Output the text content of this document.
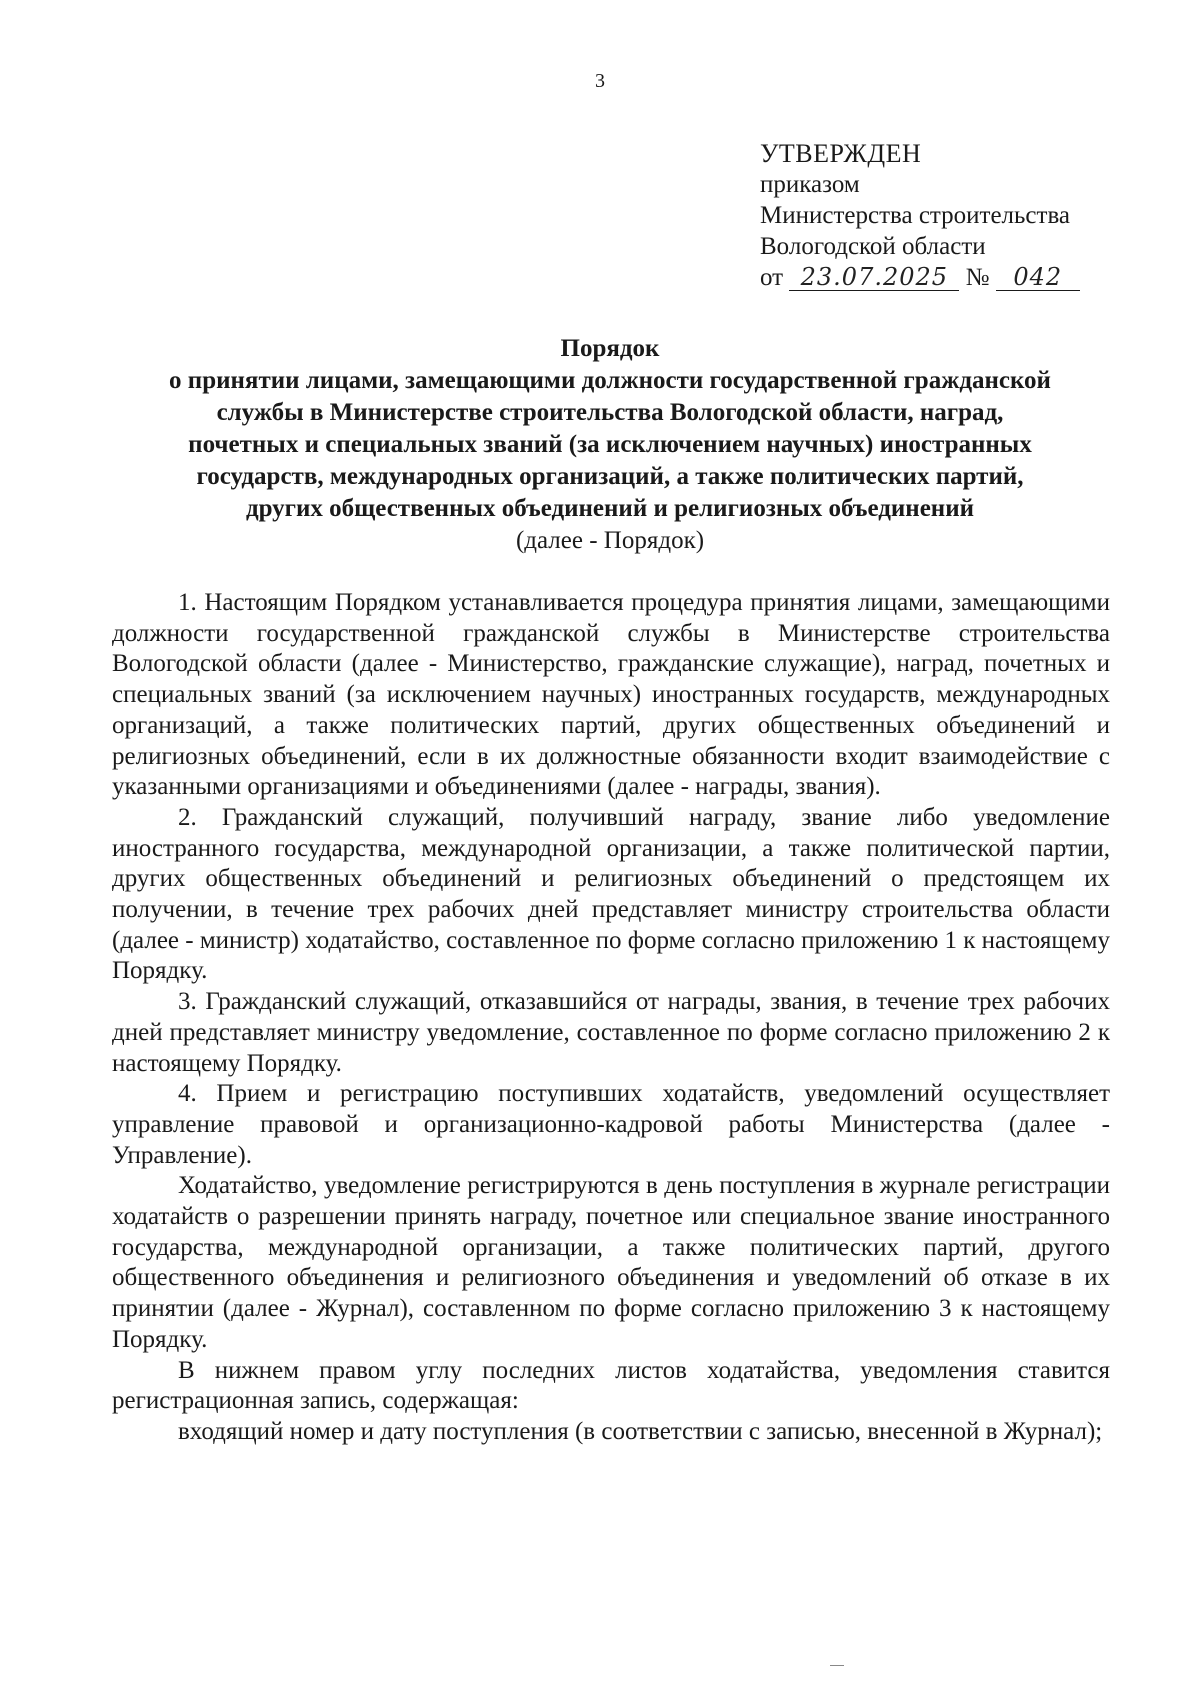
3
УТВЕРЖДЕН
приказом
Министерства строительства
Вологодской области
от 23.07.2025 № 042
Порядок
о принятии лицами, замещающими должности государственной гражданской
службы в Министерстве строительства Вологодской области, наград,
почетных и специальных званий (за исключением научных) иностранных
государств, международных организаций, а также политических партий,
других общественных объединений и религиозных объединений
(далее - Порядок)

1. Настоящим Порядком устанавливается процедура принятия лицами, замещающими должности государственной гражданской службы в Министерстве строительства Вологодской области (далее - Министерство, гражданские служащие), наград, почетных и специальных званий (за исключением научных) иностранных государств, международных организаций, а также политических партий, других общественных объединений и религиозных объединений, если в их должностные обязанности входит взаимодействие с указанными организациями и объединениями (далее - награды, звания).

2. Гражданский служащий, получивший награду, звание либо уведомление иностранного государства, международной организации, а также политической партии, других общественных объединений и религиозных объединений о предстоящем их получении, в течение трех рабочих дней представляет министру строительства области (далее - министр) ходатайство, составленное по форме согласно приложению 1 к настоящему Порядку.

3. Гражданский служащий, отказавшийся от награды, звания, в течение трех рабочих дней представляет министру уведомление, составленное по форме согласно приложению 2 к настоящему Порядку.

4. Прием и регистрацию поступивших ходатайств, уведомлений осуществляет управление правовой и организационно-кадровой работы Министерства (далее - Управление).

Ходатайство, уведомление регистрируются в день поступления в журнале регистрации ходатайств о разрешении принять награду, почетное или специальное звание иностранного государства, международной организации, а также политических партий, другого общественного объединения и религиозного объединения и уведомлений об отказе в их принятии (далее - Журнал), составленном по форме согласно приложению 3 к настоящему Порядку.

В нижнем правом углу последних листов ходатайства, уведомления ставится регистрационная запись, содержащая:

входящий номер и дату поступления (в соответствии с записью, внесенной в Журнал);
